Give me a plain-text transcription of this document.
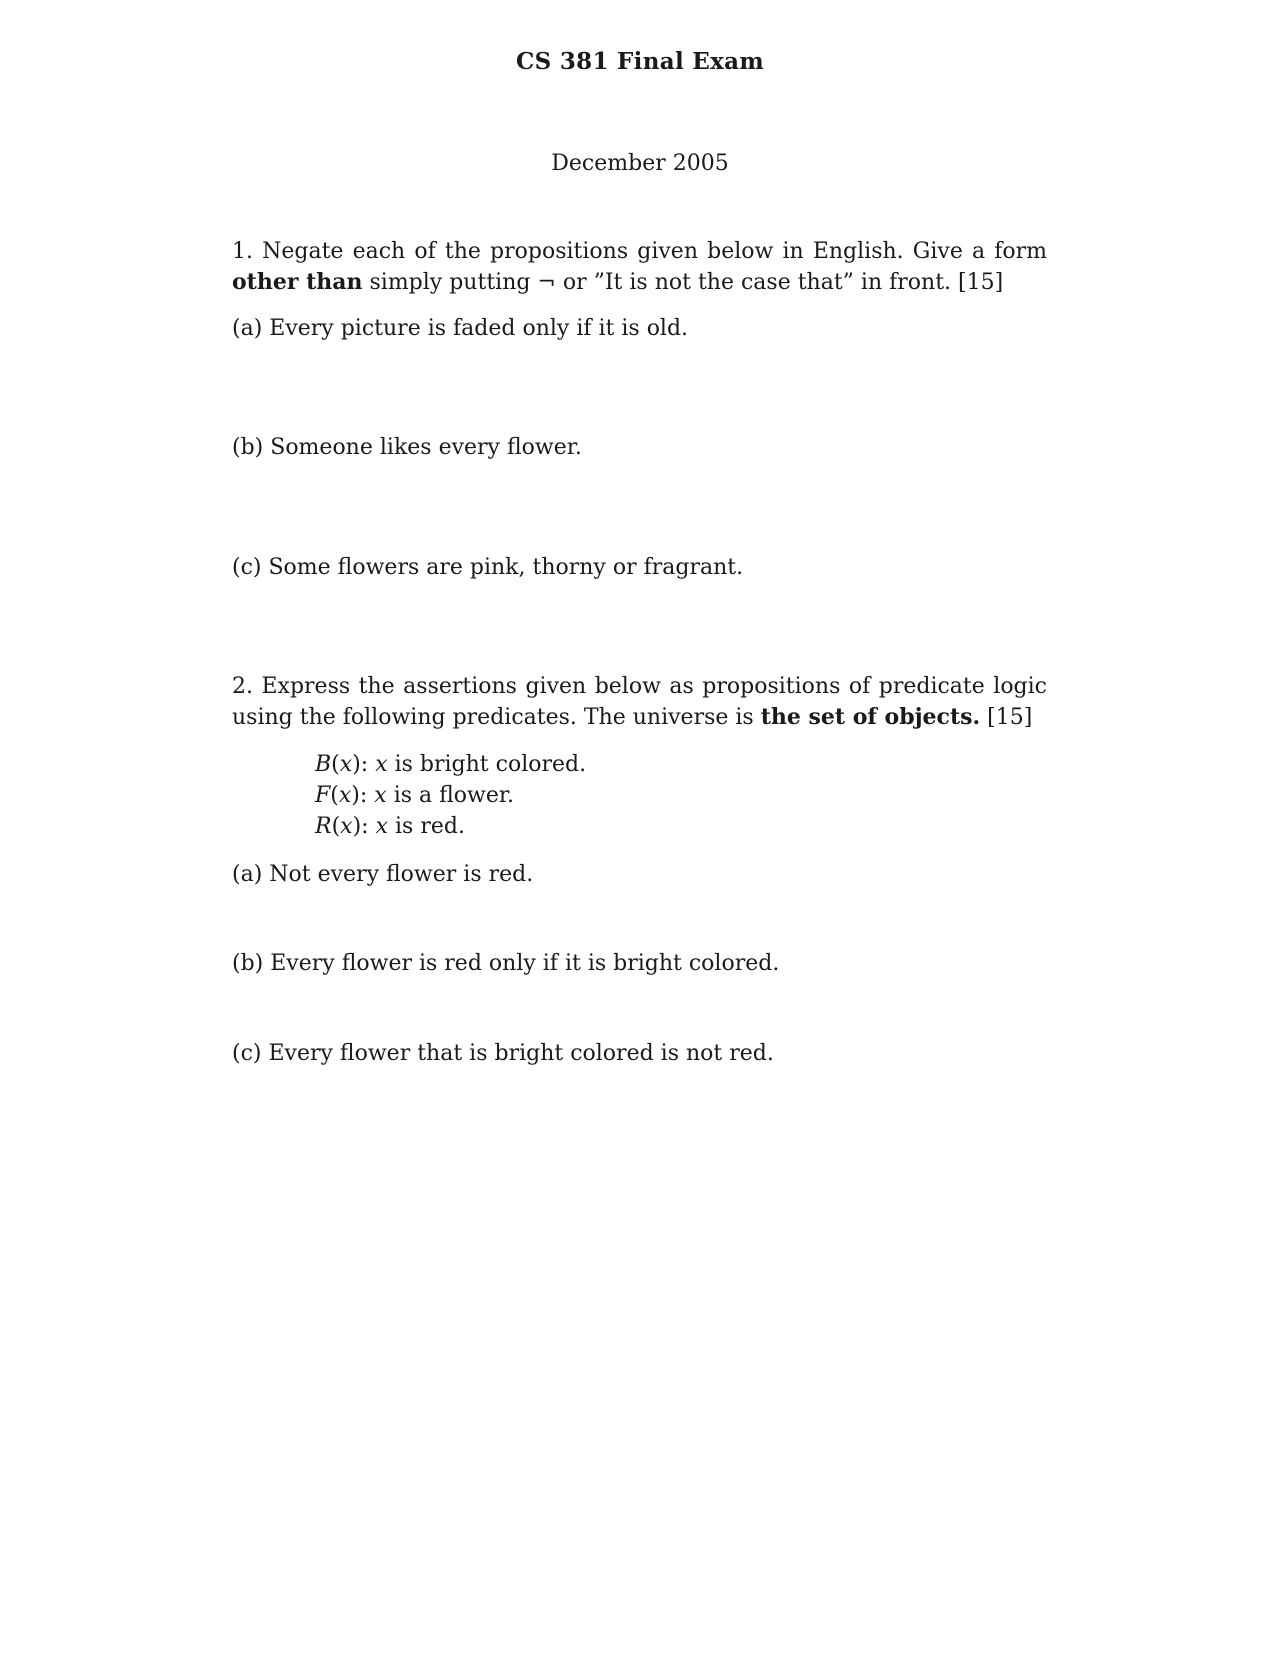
CS 381 Final Exam
December 2005
1. Negate each of the propositions given below in English. Give a form other than simply putting ¬ or ”It is not the case that” in front. [15]
(a) Every picture is faded only if it is old.
(b) Someone likes every flower.
(c) Some flowers are pink, thorny or fragrant.
2. Express the assertions given below as propositions of predicate logic using the following predicates. The universe is the set of objects. [15]
B(x): x is bright colored.
F(x): x is a flower.
R(x): x is red.
(a) Not every flower is red.
(b) Every flower is red only if it is bright colored.
(c) Every flower that is bright colored is not red.
